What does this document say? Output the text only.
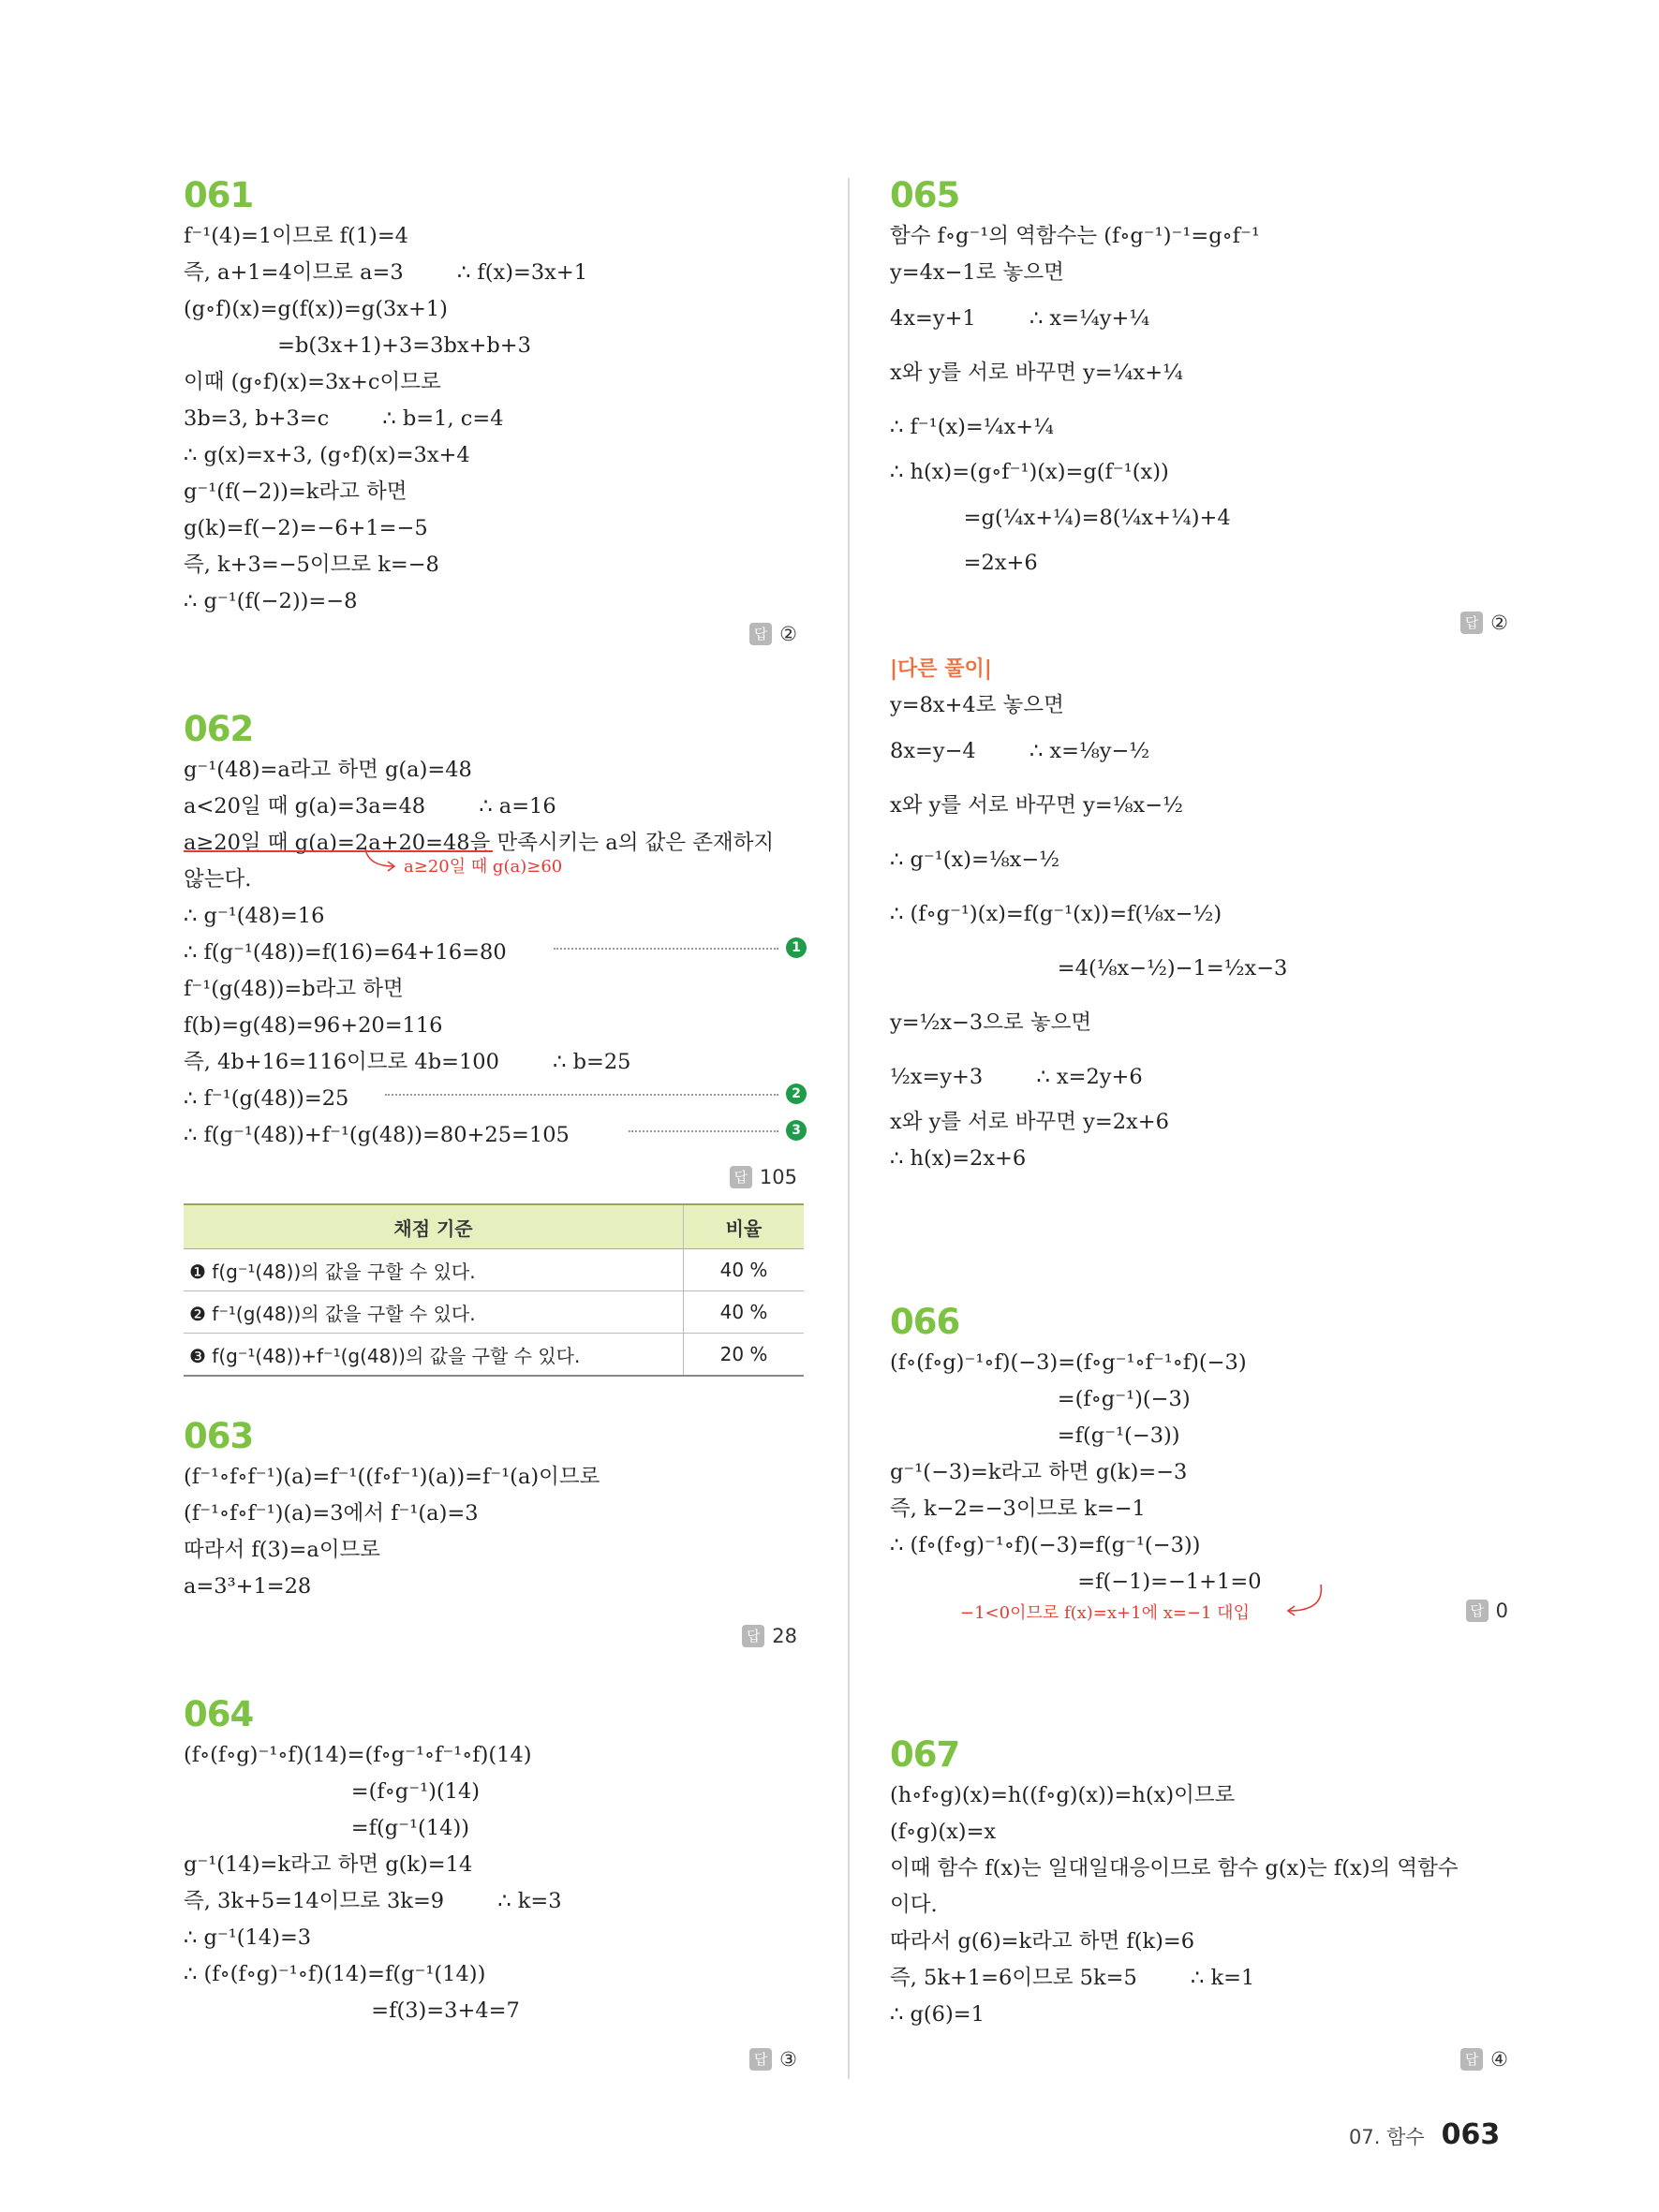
061
f⁻¹(4)=1이므로 f(1)=4
즉, a+1=4이므로 a=3        ∴ f(x)=3x+1
(g∘f)(x)=g(f(x))=g(3x+1)
=b(3x+1)+3=3bx+b+3
이때 (g∘f)(x)=3x+c이므로
3b=3, b+3=c        ∴ b=1, c=4
∴ g(x)=x+3, (g∘f)(x)=3x+4
g⁻¹(f(−2))=k라고 하면
g(k)=f(−2)=−6+1=−5
즉, k+3=−5이므로 k=−8
∴ g⁻¹(f(−2))=−8
답 ②
062
g⁻¹(48)=a라고 하면 g(a)=48
a<20일 때 g(a)=3a=48        ∴ a=16
a≥20일 때 g(a)=2a+20=48을 만족시키는 a의 값은 존재하지
않는다.
∴ g⁻¹(48)=16
∴ f(g⁻¹(48))=f(16)=64+16=80
f⁻¹(g(48))=b라고 하면
f(b)=g(48)=96+20=116
즉, 4b+16=116이므로 4b=100        ∴ b=25
∴ f⁻¹(g(48))=25
∴ f(g⁻¹(48))+f⁻¹(g(48))=80+25=105
a≥20일 때 g(a)≥60
1
2
3
답 105
채점 기준	비율
❶ f(g⁻¹(48))의 값을 구할 수 있다.	40 %
❷ f⁻¹(g(48))의 값을 구할 수 있다.	40 %
❸ f(g⁻¹(48))+f⁻¹(g(48))의 값을 구할 수 있다.	20 %
063
(f⁻¹∘f∘f⁻¹)(a)=f⁻¹((f∘f⁻¹)(a))=f⁻¹(a)이므로
(f⁻¹∘f∘f⁻¹)(a)=3에서 f⁻¹(a)=3
따라서 f(3)=a이므로
a=3³+1=28
답 28
064
(f∘(f∘g)⁻¹∘f)(14)=(f∘g⁻¹∘f⁻¹∘f)(14)
=(f∘g⁻¹)(14)
=f(g⁻¹(14))
g⁻¹(14)=k라고 하면 g(k)=14
즉, 3k+5=14이므로 3k=9        ∴ k=3
∴ g⁻¹(14)=3
∴ (f∘(f∘g)⁻¹∘f)(14)=f(g⁻¹(14))
=f(3)=3+4=7
답 ③
065
함수 f∘g⁻¹의 역함수는 (f∘g⁻¹)⁻¹=g∘f⁻¹
y=4x−1로 놓으면
4x=y+1        ∴ x=¼y+¼
x와 y를 서로 바꾸면 y=¼x+¼
∴ f⁻¹(x)=¼x+¼
∴ h(x)=(g∘f⁻¹)(x)=g(f⁻¹(x))
=g(¼x+¼)=8(¼x+¼)+4
=2x+6
답 ②
|다른 풀이|
y=8x+4로 놓으면
8x=y−4        ∴ x=⅛y−½
x와 y를 서로 바꾸면 y=⅛x−½
∴ g⁻¹(x)=⅛x−½
∴ (f∘g⁻¹)(x)=f(g⁻¹(x))=f(⅛x−½)
=4(⅛x−½)−1=½x−3
y=½x−3으로 놓으면
½x=y+3        ∴ x=2y+6
x와 y를 서로 바꾸면 y=2x+6
∴ h(x)=2x+6
066
(f∘(f∘g)⁻¹∘f)(−3)=(f∘g⁻¹∘f⁻¹∘f)(−3)
=(f∘g⁻¹)(−3)
=f(g⁻¹(−3))
g⁻¹(−3)=k라고 하면 g(k)=−3
즉, k−2=−3이므로 k=−1
∴ (f∘(f∘g)⁻¹∘f)(−3)=f(g⁻¹(−3))
=f(−1)=−1+1=0
−1<0이므로 f(x)=x+1에 x=−1 대입	답 0
067
(h∘f∘g)(x)=h((f∘g)(x))=h(x)이므로
(f∘g)(x)=x
이때 함수 f(x)는 일대일대응이므로 함수 g(x)는 f(x)의 역함수
이다.
따라서 g(6)=k라고 하면 f(k)=6
즉, 5k+1=6이므로 5k=5        ∴ k=1
∴ g(6)=1
답 ④
07. 함수 063
